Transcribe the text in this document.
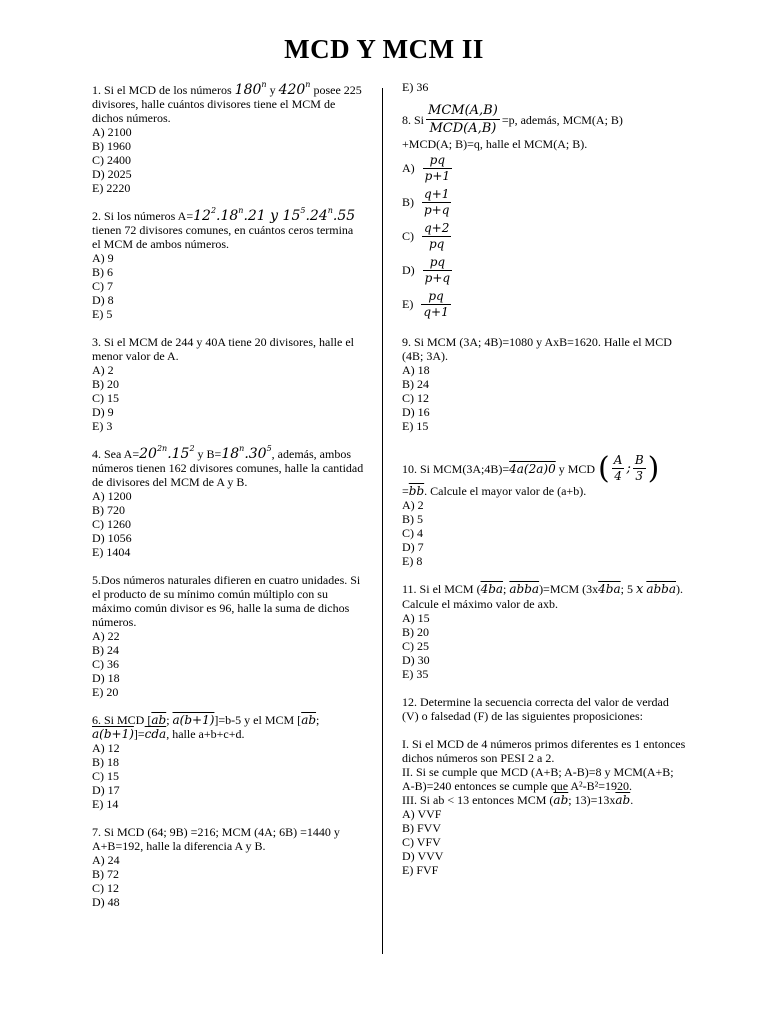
MCD Y MCM II

1. Si el MCD de los números 180$^n$ y 420$^n$ posee 225 divisores, halle cuántos divisores tiene el MCM de dichos números.

A) 2100
B) 1960
C) 2400
D) 2025
E) 2220

2. Si los números $A=12^2.18^n.21$ y $15^5.24^n.55$ tienen 72 divisores comunes, en cuántos ceros termina el MCM de ambos números.

A) 9
B) 6
C) 7
D) 8
E) 5

3. Si el MCM de 244 y 40A tiene 20 divisores, halle el menor valor de A.

A) 2
B) 20
C) 15
D) 9
E) 3

4. Sea $A=20^{2n}.15^2$ y $B=18^n.30^5$, además, ambos números tienen 162 divisores comunes, halle la cantidad de divisores del MCM de A y B.

A) 1200
B) 720
C) 1260
D) 1056
E) 1404

5.Dos números naturales difieren en cuatro unidades. Si el producto de su mínimo común múltiplo con su máximo común divisor es 96, halle la suma de dichos números.

A) 22
B) 24
C) 36
D) 18
E) 20

6. Si MCD [$\overline{ab}$; a(b+1)]=b-5 y el MCM [$\overline{ab}$; $a(b+1)]=\overline{cda}$, halle a+b+c+d.

A) 12
B) 18
C) 15
D) 17
E) 14

7. Si MCD (64; 9B) =216; MCM (4A; 6B) =1440 y A+B=192, halle la diferencia A y B.

A) 24
B) 72
C) 12
D) 48
E) 36
8. Si $\frac{\text{MCM(A,B)}}{\text{MCD(A,B)}} =p$, además, MCM(A; B)

+MCD(A; B)=q, halle el MCM(A; B).

$A) \frac{pq}{p+1}$
$B) \frac{q+1}{p+q}$
$C) \frac{q+2}{pq}$
$D) \frac{pq}{p+q}$
$E) \frac{pq}{q+1}$

9. Si MCM (3A; 4B)=1080 y AxB=1620. Halle el MCD (4B; 3A).

A) 18
B) 24
C) 12
D) 16
E) 15
10. Si MCM(3A;4B)= 4a(2a)0
y MCD
( $\frac{A}{4}$ ; $\frac{B}{3}$ )

$=\overline{bb}$. Calcule el mayor valor de (a+b).

A) 2
B) 5
C) 4
D) 7
E) 8

11. Si el MCM (4ba; abba)=MCM (3x4ba; 5 x abba). Calcule el máximo valor de axb.

A) 15
B) 20
C) 25
D) 30
E) 35

12. Determine la secuencia correcta del valor de verdad (V) o falsedad (F) de las siguientes proposiciones:

I. Si el MCD de 4 números primos diferentes es 1 entonces dichos números son PESI 2 a 2.

II. Si se cumple que MCD (A+B; A-B)=8 y MCM(A+B; A-B)=240 entonces se cumple que A²-B²=1920.

III. Si ab < 13 entonces MCM ($\overline{ab}$; $13)=13x\overline{ab}$.

A) VVF
B) FVV
C) VFV
D) VVV
E) FVF
